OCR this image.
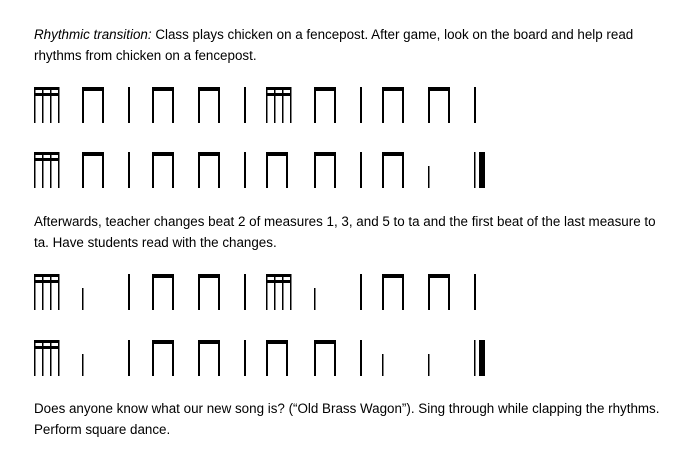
Rhythmic transition: Class plays chicken on a fencepost. After game, look on the board and help read rhythms from chicken on a fencepost.

Afterwards, teacher changes beat 2 of measures 1, 3, and 5 to ta and the first beat of the last measure to ta. Have students read with the changes.

Does anyone know what our new song is? (“Old Brass Wagon”). Sing through while clapping the rhythms. Perform square dance.
